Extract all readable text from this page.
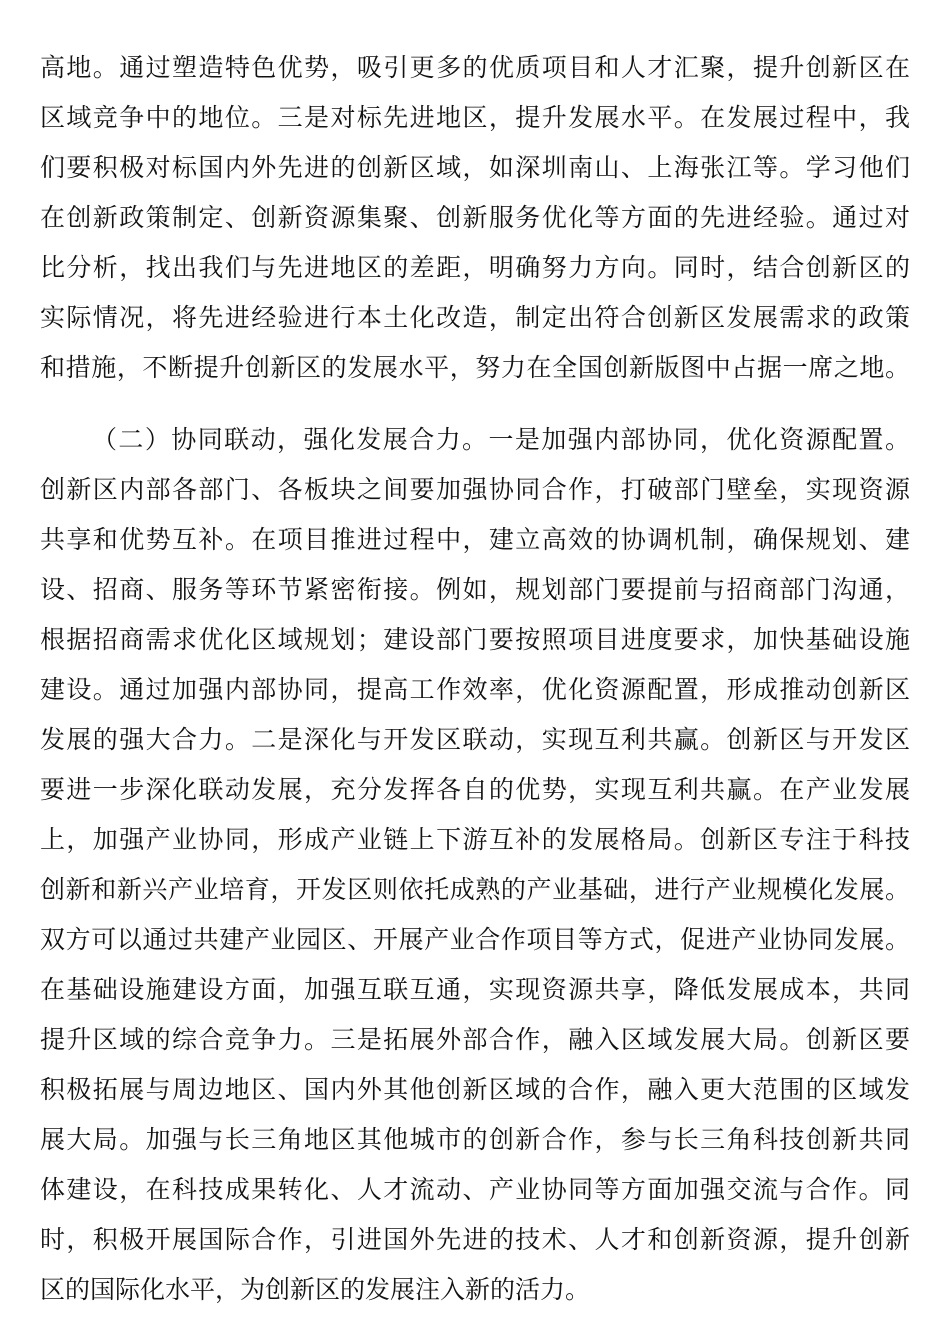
高地。通过塑造特色优势，吸引更多的优质项目和人才汇聚，提升创新区在
区域竞争中的地位。三是对标先进地区，提升发展水平。在发展过程中，我
们要积极对标国内外先进的创新区域，如深圳南山、上海张江等。学习他们
在创新政策制定、创新资源集聚、创新服务优化等方面的先进经验。通过对
比分析，找出我们与先进地区的差距，明确努力方向。同时，结合创新区的
实际情况，将先进经验进行本土化改造，制定出符合创新区发展需求的政策
和措施，不断提升创新区的发展水平，努力在全国创新版图中占据一席之地。
（二）协同联动，强化发展合力。一是加强内部协同，优化资源配置。
创新区内部各部门、各板块之间要加强协同合作，打破部门壁垒，实现资源
共享和优势互补。在项目推进过程中，建立高效的协调机制，确保规划、建
设、招商、服务等环节紧密衔接。例如，规划部门要提前与招商部门沟通，
根据招商需求优化区域规划；建设部门要按照项目进度要求，加快基础设施
建设。通过加强内部协同，提高工作效率，优化资源配置，形成推动创新区
发展的强大合力。二是深化与开发区联动，实现互利共赢。创新区与开发区
要进一步深化联动发展，充分发挥各自的优势，实现互利共赢。在产业发展
上，加强产业协同，形成产业链上下游互补的发展格局。创新区专注于科技
创新和新兴产业培育，开发区则依托成熟的产业基础，进行产业规模化发展。
双方可以通过共建产业园区、开展产业合作项目等方式，促进产业协同发展。
在基础设施建设方面，加强互联互通，实现资源共享，降低发展成本，共同
提升区域的综合竞争力。三是拓展外部合作，融入区域发展大局。创新区要
积极拓展与周边地区、国内外其他创新区域的合作，融入更大范围的区域发
展大局。加强与长三角地区其他城市的创新合作，参与长三角科技创新共同
体建设，在科技成果转化、人才流动、产业协同等方面加强交流与合作。同
时，积极开展国际合作，引进国外先进的技术、人才和创新资源，提升创新
区的国际化水平，为创新区的发展注入新的活力。
